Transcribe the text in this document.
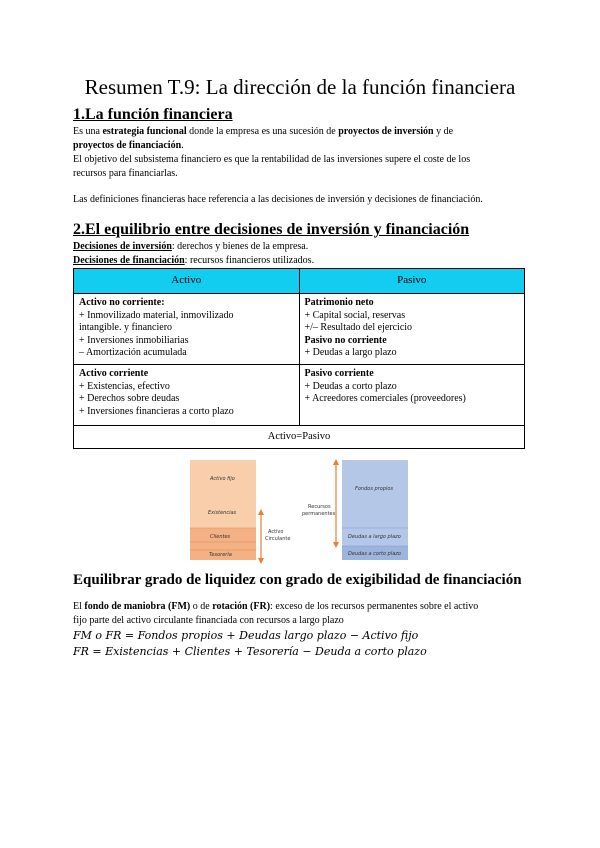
Resumen T.9: La dirección de la función financiera
1.La función financiera
Es una estrategia funcional donde la empresa es una sucesión de proyectos de inversión y de
proyectos de financiación.
El objetivo del subsistema financiero es que la rentabilidad de las inversiones supere el coste de los
recursos para financiarlas.
Las definiciones financieras hace referencia a las decisiones de inversión y decisiones de financiación.
2.El equilibrio entre decisiones de inversión y financiación
Decisiones de inversión: derechos y bienes de la empresa.
Decisiones de financiación: recursos financieros utilizados.
Activo	Pasivo

Activo no corriente:
+ Inmovilizado material, inmovilizado
intangible. y financiero
+ Inversiones inmobiliarias
– Amortización acumulada	Patrimonio neto
+ Capital social, reservas
+/– Resultado del ejercicio
Pasivo no corriente
+ Deudas a largo plazo

Activo corriente
+ Existencias, efectivo
+ Derechos sobre deudas
+ Inversiones financieras a corto plazo	Pasivo corriente
+ Deudas a corto plazo
+ Acreedores comerciales (proveedores)

Activo=Pasivo	
Activo fijo
Existencias
Clientes
Tesorería
Activo
Circulante
Recursos
permanentes
Fondos propios
Deudas a largo plazo
Deudas a corto plazo
Equilibrar grado de liquidez con grado de exigibilidad de financiación
El fondo de maniobra (FM) o de rotación (FR): exceso de los recursos permanentes sobre el activo
fijo parte del activo circulante financiada con recursos a largo plazo
FM o FR = Fondos propios + Deudas largo plazo − Activo fijo
FR = Existencias + Clientes + Tesorería − Deuda a corto plazo
